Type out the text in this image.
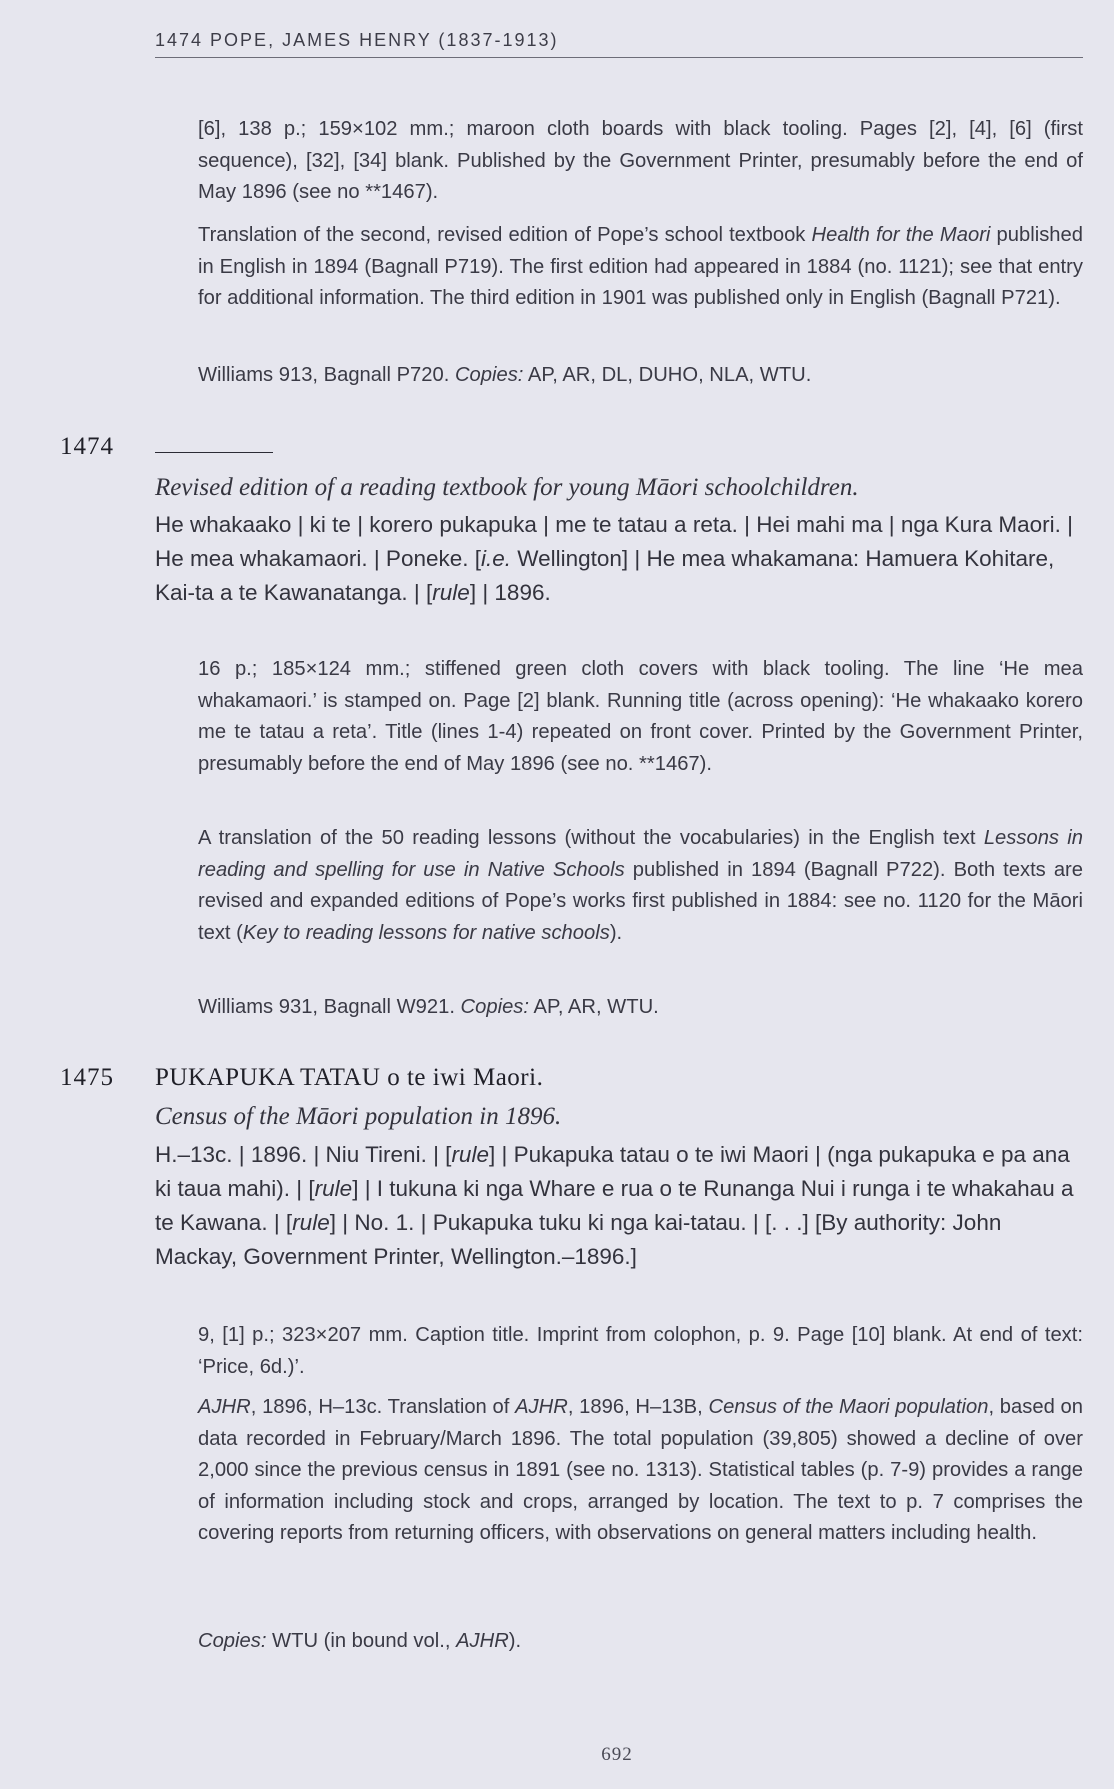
1474 POPE, JAMES HENRY (1837-1913)
[6], 138 p.; 159×102 mm.; maroon cloth boards with black tooling. Pages [2], [4], [6] (first sequence), [32], [34] blank. Published by the Government Printer, presumably before the end of May 1896 (see no **1467).
Translation of the second, revised edition of Pope’s school textbook Health for the Maori published in English in 1894 (Bagnall P719). The first edition had appeared in 1884 (no. 1121); see that entry for additional information. The third edition in 1901 was published only in English (Bagnall P721).
Williams 913, Bagnall P720. Copies: AP, AR, DL, DUHO, NLA, WTU.
1474
Revised edition of a reading textbook for young Māori schoolchildren.
He whakaako | ki te | korero pukapuka | me te tatau a reta. | Hei mahi ma | nga Kura Maori. | He mea whakamaori. | Poneke. [i.e. Wellington] | He mea whakamana: Hamuera Kohitare, Kai-ta a te Kawanatanga. | [rule] | 1896.
16 p.; 185×124 mm.; stiffened green cloth covers with black tooling. The line ‘He mea whakamaori.’ is stamped on. Page [2] blank. Running title (across opening): ‘He whakaako korero me te tatau a reta’. Title (lines 1-4) repeated on front cover. Printed by the Government Printer, presumably before the end of May 1896 (see no. **1467).
A translation of the 50 reading lessons (without the vocabularies) in the English text Lessons in reading and spelling for use in Native Schools published in 1894 (Bagnall P722). Both texts are revised and expanded editions of Pope’s works first published in 1884: see no. 1120 for the Māori text (Key to reading lessons for native schools).
Williams 931, Bagnall W921. Copies: AP, AR, WTU.
1475 PUKAPUKA TATAU o te iwi Maori.
Census of the Māori population in 1896.
H.–13c. | 1896. | Niu Tireni. | [rule] | Pukapuka tatau o te iwi Maori | (nga pukapuka e pa ana ki taua mahi). | [rule] | I tukuna ki nga Whare e rua o te Runanga Nui i runga i te whakahau a te Kawana. | [rule] | No. 1. | Pukapuka tuku ki nga kai-tatau. | [. . .] [By authority: John Mackay, Government Printer, Wellington.–1896.]
9, [1] p.; 323×207 mm. Caption title. Imprint from colophon, p. 9. Page [10] blank. At end of text: ‘Price, 6d.)’.
AJHR, 1896, H–13c. Translation of AJHR, 1896, H–13B, Census of the Maori population, based on data recorded in February/March 1896. The total population (39,805) showed a decline of over 2,000 since the previous census in 1891 (see no. 1313). Statistical tables (p. 7-9) provides a range of information including stock and crops, arranged by location. The text to p. 7 comprises the covering reports from returning officers, with observations on general matters including health.
Copies: WTU (in bound vol., AJHR).
692
